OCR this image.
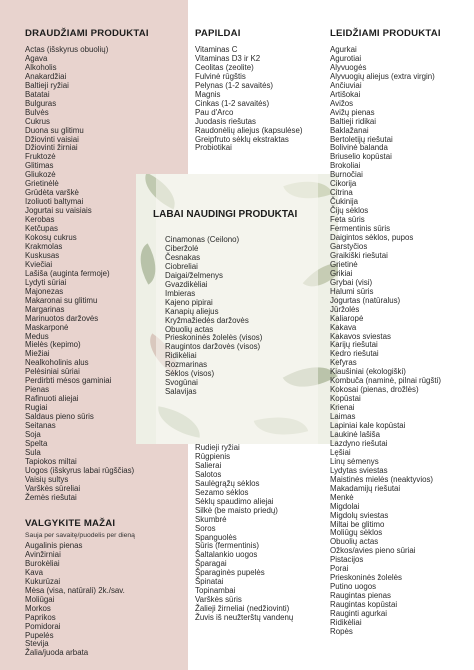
DRAUDŽIAMI PRODUKTAI
Actas (išskyrus obuolių)
Agava
Alkoholis
Anakardžiai
Baltieji ryžiai
Batatai
Bulguras
Bulvės
Cukrus
Duona su glitimu
Džiovinti vaisiai
Džiovinti žirniai
Fruktozė
Glitimas
Gliukozė
Grietinėlė
Grūdėta varškė
Izoliuoti baltymai
Jogurtai su vaisiais
Kerobas
Ketčupas
Kokosų cukrus
Krakmolas
Kuskusas
Kviečiai
Lašiša (auginta fermoje)
Lydyti sūriai
Majonezas
Makaronai su glitimu
Margarinas
Marinuotos daržovės
Maskarponė
Medus
Mielės (kepimo)
Miežiai
Nealkoholinis alus
Pelėsiniai sūriai
Perdirbti mėsos gaminiai
Pienas
Rafinuoti aliejai
Rugiai
Saldaus pieno sūris
Seitanas
Soja
Speltа
Sula
Tapiokos miltai
Uogos (išskyrus labai rūgščias)
Vaisių sultys
Varškės sūreliai
Žemės riešutai
VALGYKITE MAŽAI

Sauja per savaitę/puodelis per dieną

Augalinis pienas
Avinžirniai
Burokėliai
Kava
Kukurūzai
Mėsa (visa, natūrali) 2k./sav.
Moliūgai
Morkos
Paprikos
Pomidorai
Pupelės
Stevija
Žalia/juoda arbata
PAPILDAI
Vitaminas C
Vitaminas D3 ir K2
Ceolitas (zeolite)
Fulvinė rūgštis
Pelynas (1-2 savaitės)
Magnis
Cinkas (1-2 savaitės)
Pau d'Arco
Juodasis riešutas
Raudonėlių aliejus (kapsulėse)
Greipfruto sėklų ekstraktas
Probiotikai
LABAI NAUDINGI PRODUKTAI
Cinamonas (Ceilono)
Ciberžolė
Česnakas
Ciobreliai
Daigai/želmenys
Gvazdikėliai
Imbieras
Kajeno pipirai
Kanapių aliejus
Kryžmažiedės daržovės
Obuolių actas
Prieskoninės žolelės (visos)
Raugintos daržovės (visos)
Ridikėliai
Rozmarinas
Sėklos (visos)
Svogūnai
Salavijas
Rudieji ryžiai
Rūgpienis
Salierai
Salotos
Saulėgrąžų sėklos
Sezamo sėklos
Sėklų spaudimo aliejai
Silkė (be maisto priedų)
Skumbrė
Soros
Spanguolės
Sūris (fermentinis)
Šaltalankio uogos
Šparagai
Šparaginės pupelės
Špinatai
Topinambai
Varškės sūris
Žalieji žirneliai (nedžiovinti)
Žuvis iš neužterštų vandenų
LEIDŽIAMI PRODUKTAI
Agurkai
Agurotiai
Alyvuogės
Alyvuogių aliejus (extra virgin)
Ančiuviai
Artišokai
Avižos
Avižų pienas
Baltieji ridikai
Baklažanai
Bertoletijų riešutai
Bolivinė balanda
Briuselio kopūstai
Brokoliai
Burnočiai
Cikorija
Citrina
Čukinija
Čijų sėklos
Feta sūris
Fermentinis sūris
Daigintos sėklos, pupos
Garstyčios
Graikiški riešutai
Grietinė
Grikiai
Grybai (visi)
Halumi sūris
Jogurtas (natūralus)
Jūržolės
Kaliaropė
Kakava
Kakavos sviestas
Karijų riešutai
Kedro riešutai
Kefyras
Kiaušiniai (ekologiški)
Kombuča (naminė, pilnai rūgšti)
Kokosai (pienas, drožlės)
Kopūstai
Krienai
Laimas
Lapiniai kale kopūstai
Laukinė lašiša
Lazdyno riešutai
Lęšiai
Linų sėmenys
Lydytas sviestas
Maistinės mielės (neaktyvios)
Makadamijų riešutai
Menkė
Migdolai
Migdolų sviestas
Miltai be glitimo
Moliūgų sėklos
Obuolių actas
Ožkos/avies pieno sūriai
Pistacijos
Porai
Prieskoninės žolelės
Putino uogos
Raugintas pienas
Raugintas kopūstai
Rauginti agurkai
Ridikėliai
Ropės
